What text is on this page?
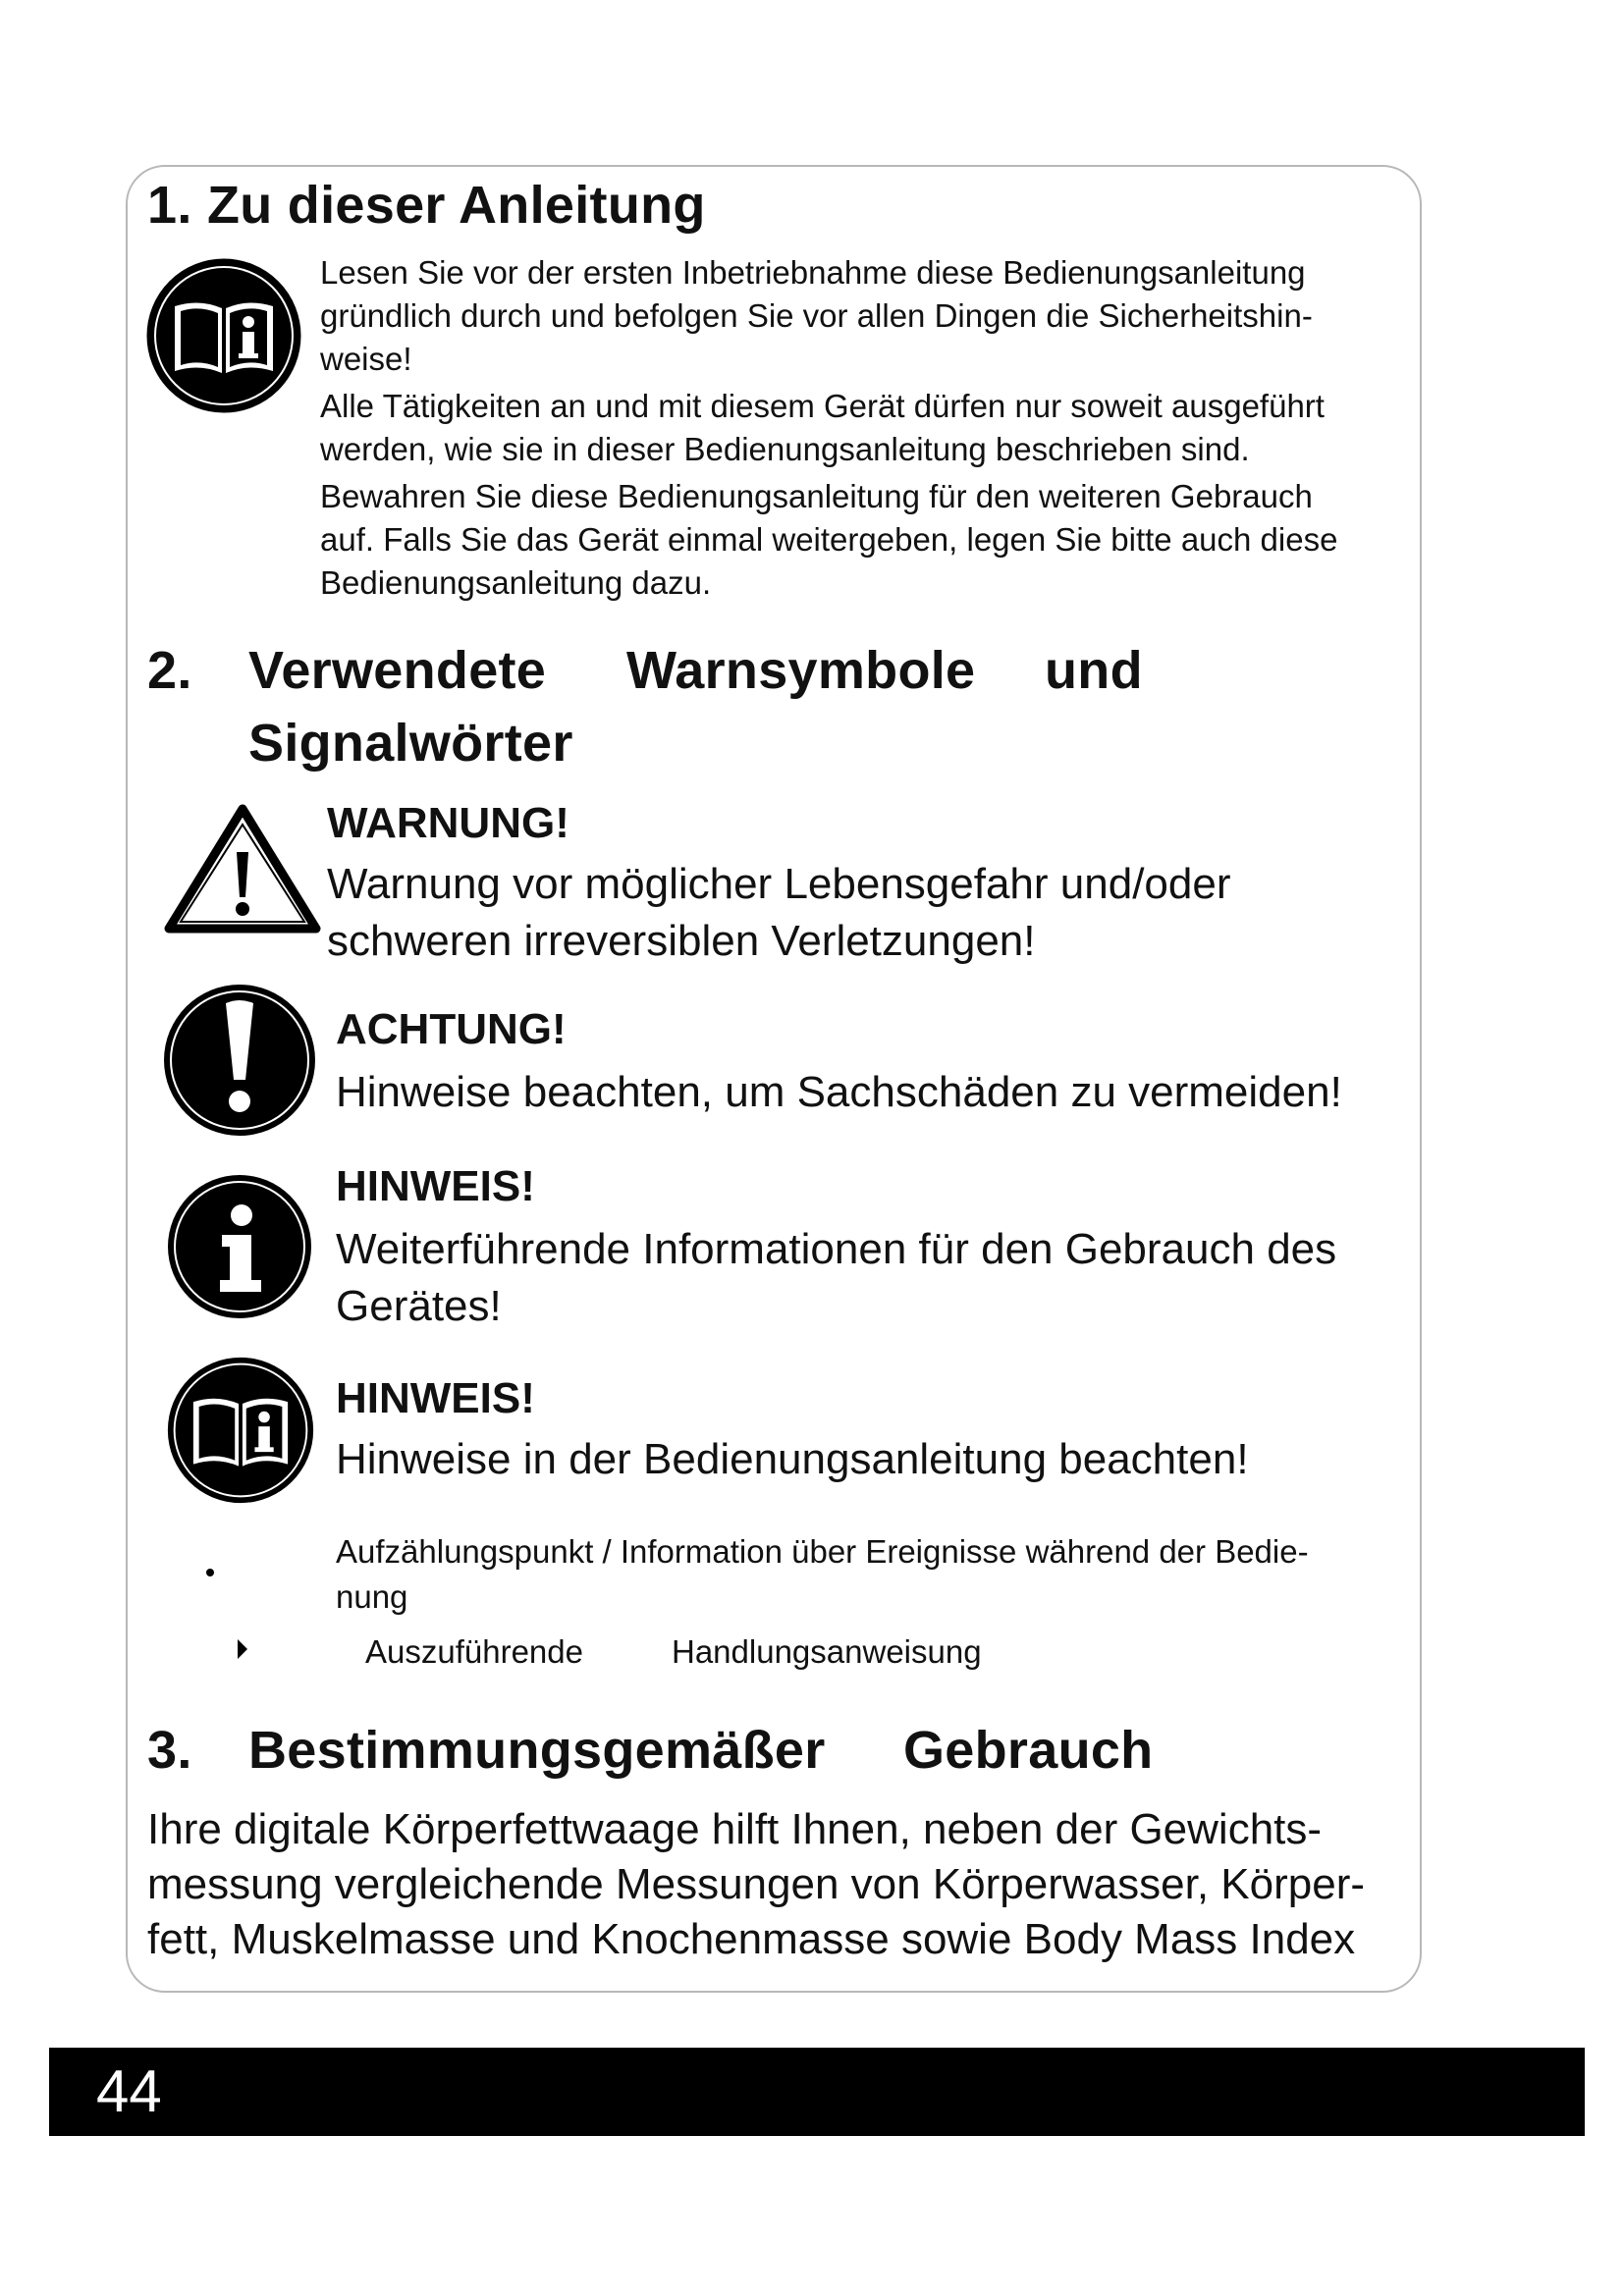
1. Zu dieser Anleitung

Lesen Sie vor der ersten Inbetriebnahme diese Bedienungsanleitung
gründlich durch und befolgen Sie vor allen Dingen die Sicherheitshin-
weise!

Alle Tätigkeiten an und mit diesem Gerät dürfen nur soweit ausgeführt
werden, wie sie in dieser Bedienungsanleitung beschrieben sind.

Bewahren Sie diese Bedienungsanleitung für den weiteren Gebrauch
auf. Falls Sie das Gerät einmal weitergeben, legen Sie bitte auch diese
Bedienungsanleitung dazu.

2. Verwendete Warnsymbole und
Signalwörter

WARNUNG!

Warnung vor möglicher Lebensgefahr und/oder
schweren irreversiblen Verletzungen!

ACHTUNG!

Hinweise beachten, um Sachschäden zu vermeiden!

HINWEIS!

Weiterführende Informationen für den Gebrauch des
Gerätes!

HINWEIS!

Hinweise in der Bedienungsanleitung beachten!

Aufzählungspunkt / Information über Ereignisse während der Bedie-
nung

Auszuführende	Handlungsanweisung
3. Bestimmungsgemäßer Gebrauch

Ihre digitale Körperfettwaage hilft Ihnen, neben der Gewichts-
messung vergleichende Messungen von Körperwasser, Körper-
fett, Muskelmasse und Knochenmasse sowie Body Mass Index

44
